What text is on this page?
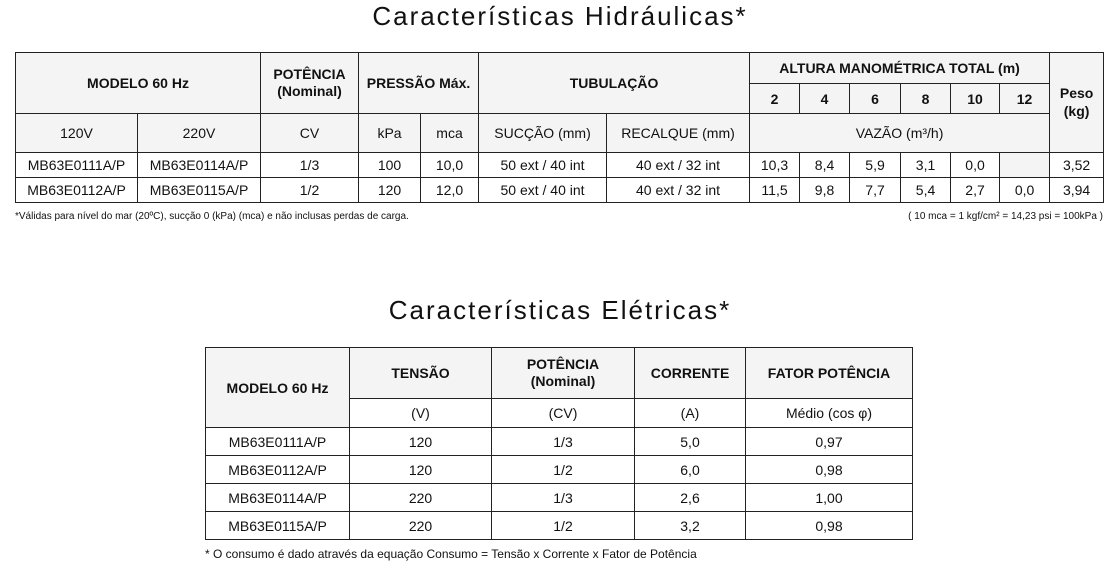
Características Hidráulicas*
MODELO 60 Hz		POTÊNCIA
(Nominal)	PRESSÃO Máx.		TUBULAÇÃO		ALTURA MANOMÉTRICA TOTAL (m)						Peso
(kg)
							2	4	6	8	10	12	
120V	220V	CV	kPa	mca	SUCÇÃO (mm)	RECALQUE (mm)	VAZÃO (m³/h)						
MB63E0111A/P	MB63E0114A/P	1/3	100	10,0	50 ext / 40 int	40 ext / 32 int	10,3	8,4	5,9	3,1	0,0		3,52
MB63E0112A/P	MB63E0115A/P	1/2	120	12,0	50 ext / 40 int	40 ext / 32 int	11,5	9,8	7,7	5,4	2,7	0,0	3,94
*Válidas para nível do mar (20ºC), sucção 0 (kPa) (mca) e não inclusas perdas de carga.	( 10 mca = 1 kgf/cm² = 14,23 psi = 100kPa )
Características Elétricas*
MODELO 60 Hz	TENSÃO	POTÊNCIA
(Nominal)	CORRENTE	FATOR POTÊNCIA
	(V)	(CV)	(A)	Médio (cos φ)
MB63E0111A/P	120	1/3	5,0	0,97
MB63E0112A/P	120	1/2	6,0	0,98
MB63E0114A/P	220	1/3	2,6	1,00
MB63E0115A/P	220	1/2	3,2	0,98
* O consumo é dado através da equação Consumo = Tensão x Corrente x Fator de Potência
